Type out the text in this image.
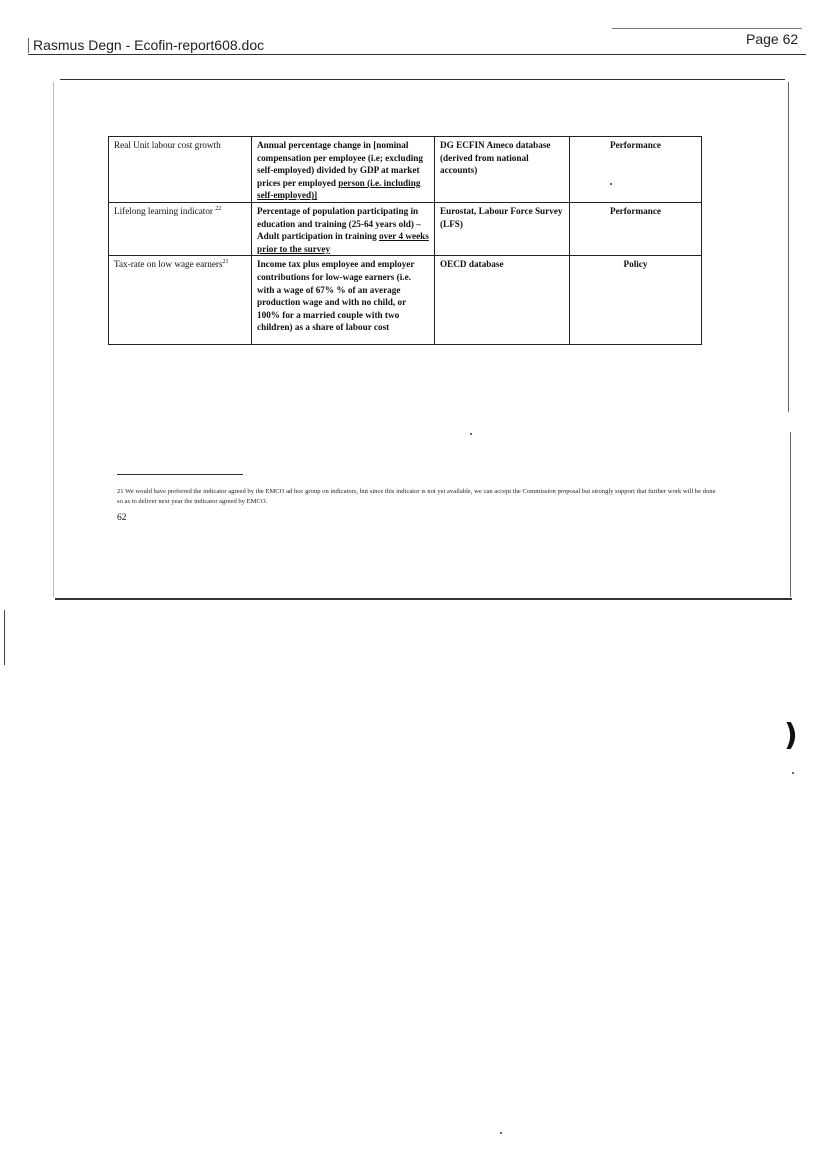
Rasmus Degn - Ecofin-report608.doc	Page 62
Real Unit labour cost growth	Annual percentage change in [nominal compensation per employee (i.e; excluding self-employed) divided by GDP at market prices per employed person (i.e. including self-employed)]	DG ECFIN Ameco database (derived from national accounts)	Performance
Lifelong learning indicator $^{22}$	Percentage of population participating in education and training (25-64 years old) – Adult participation in training over 4 weeks prior to the survey	Eurostat, Labour Force Survey (LFS)	Performance
Tax-rate on low wage earners$^{21}$	Income tax plus employee and employer contributions for low-wage earners (i.e. with a wage of 67% % of an average production wage and with no child, or 100% for a married couple with two children) as a share of labour cost	OECD database	Policy
21 We would have preferred the indicator agreed by the EMCO ad hoc group on indicators, but since this indicator is not yet available, we can accept the Commission proposal but strongly support that further work will be done so as to deliver next year the indicator agreed by EMCO.
62
)
